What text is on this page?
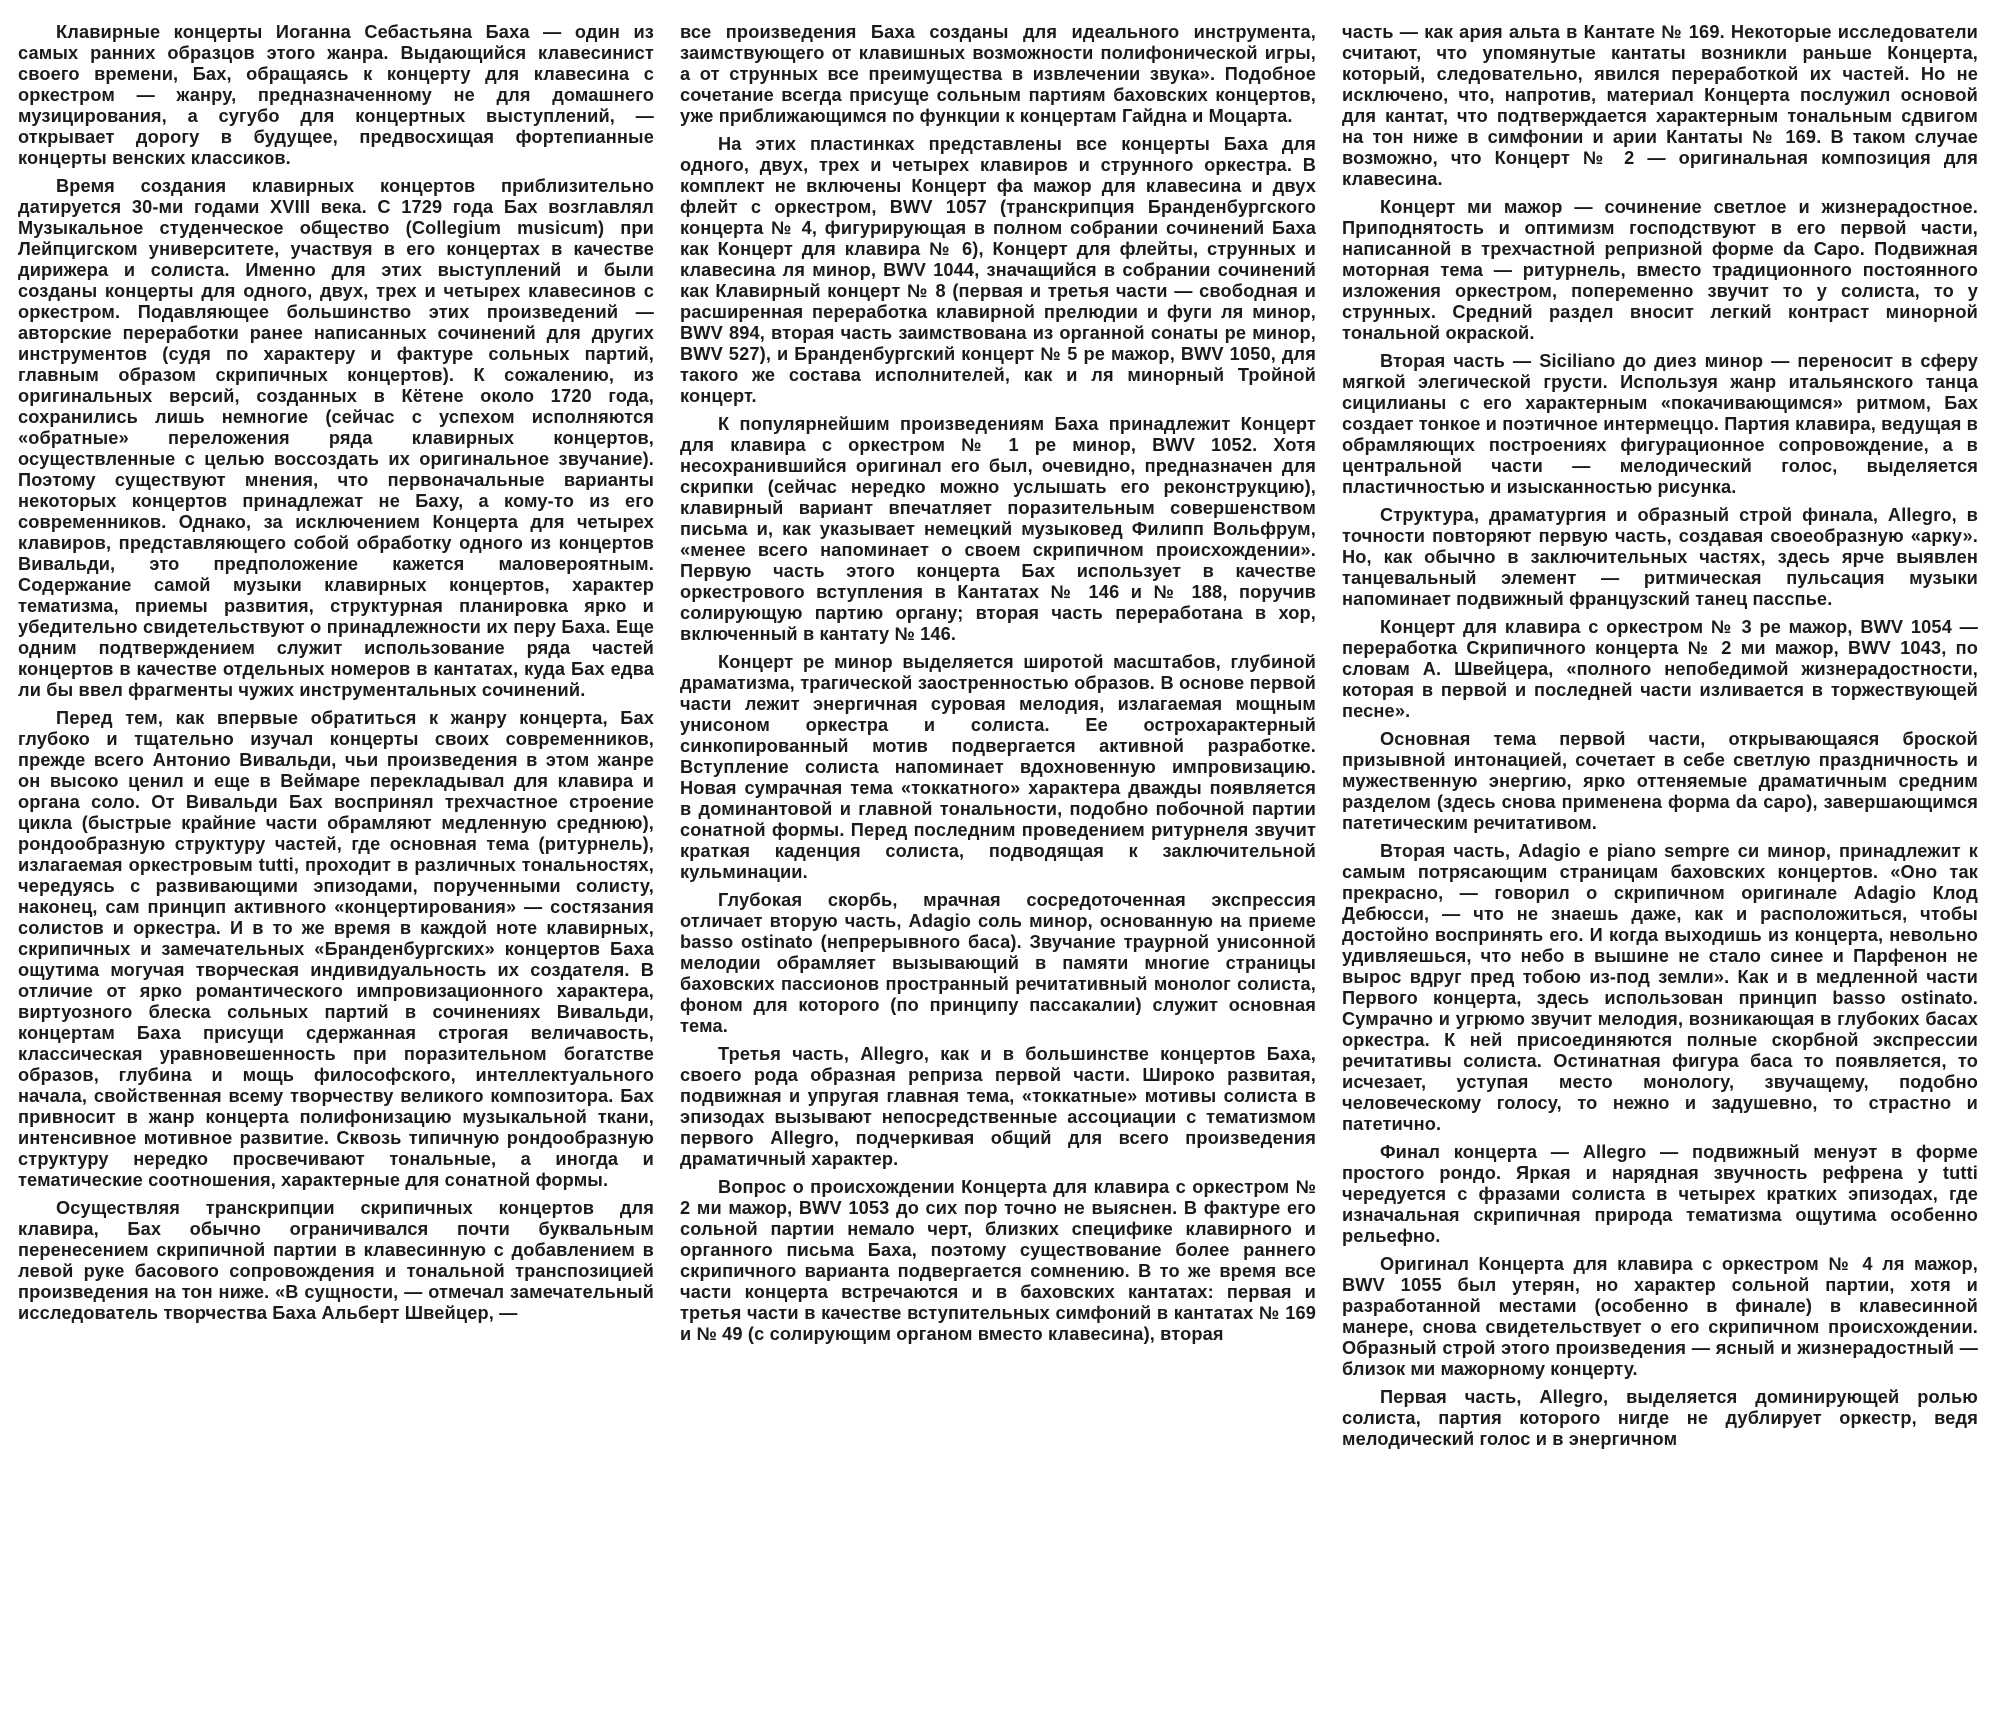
Клавирные концерты Иоганна Себастьяна Баха — один из самых ранних образцов этого жанра. Выдающийся клавесинист своего времени, Бах, обращаясь к концерту для клавесина с оркестром — жанру, предназначенному не для домашнего музицирования, а сугубо для концертных выступлений, — открывает дорогу в будущее, предвосхищая фортепианные концерты венских классиков.

Время создания клавирных концертов приблизительно датируется 30-ми годами XVIII века. С 1729 года Бах возглавлял Музыкальное студенческое общество (Collegium musicum) при Лейпцигском университете, участвуя в его концертах в качестве дирижера и солиста. Именно для этих выступлений и были созданы концерты для одного, двух, трех и четырех клавесинов с оркестром. Подавляющее большинство этих произведений — авторские переработки ранее написанных сочинений для других инструментов (судя по характеру и фактуре сольных партий, главным образом скрипичных концертов). К сожалению, из оригинальных версий, созданных в Кётене около 1720 года, сохранились лишь немногие (сейчас с успехом исполняются «обратные» переложения ряда клавирных концертов, осуществленные с целью воссоздать их оригинальное звучание). Поэтому существуют мнения, что первоначальные варианты некоторых концертов принадлежат не Баху, а кому-то из его современников. Однако, за исключением Концерта для четырех клавиров, представляющего собой обработку одного из концертов Вивальди, это предположение кажется маловероятным. Содержание самой музыки клавирных концертов, характер тематизма, приемы развития, структурная планировка ярко и убедительно свидетельствуют о принадлежности их перу Баха. Еще одним подтверждением служит использование ряда частей концертов в качестве отдельных номеров в кантатах, куда Бах едва ли бы ввел фрагменты чужих инструментальных сочинений.

Перед тем, как впервые обратиться к жанру концерта, Бах глубоко и тщательно изучал концерты своих современников, прежде всего Антонио Вивальди, чьи произведения в этом жанре он высоко ценил и еще в Веймаре перекладывал для клавира и органа соло. От Вивальди Бах воспринял трехчастное строение цикла (быстрые крайние части обрамляют медленную среднюю), рондообразную структуру частей, где основная тема (ритурнель), излагаемая оркестровым tutti, проходит в различных тональностях, чередуясь с развивающими эпизодами, порученными солисту, наконец, сам принцип активного «концертирования» — состязания солистов и оркестра. И в то же время в каждой ноте клавирных, скрипичных и замечательных «Бранденбургских» концертов Баха ощутима могучая творческая индивидуальность их создателя. В отличие от ярко романтического импровизационного характера, виртуозного блеска сольных партий в сочинениях Вивальди, концертам Баха присущи сдержанная строгая величавость, классическая уравновешенность при поразительном богатстве образов, глубина и мощь философского, интеллектуального начала, свойственная всему творчеству великого композитора. Бах привносит в жанр концерта полифонизацию музыкальной ткани, интенсивное мотивное развитие. Сквозь типичную рондообразную структуру нередко просвечивают тональные, а иногда и тематические соотношения, характерные для сонатной формы.

Осуществляя транскрипции скрипичных концертов для клавира, Бах обычно ограничивался почти буквальным перенесением скрипичной партии в клавесинную с добавлением в левой руке басового сопровождения и тональной транспозицией произведения на тон ниже. «В сущности, — отмечал замечательный исследователь творчества Баха Альберт Швейцер, —

все произведения Баха созданы для идеального инструмента, заимствующего от клавишных возможности полифонической игры, а от струнных все преимущества в извлечении звука». Подобное сочетание всегда присуще сольным партиям баховских концертов, уже приближающимся по функции к концертам Гайдна и Моцарта.

На этих пластинках представлены все концерты Баха для одного, двух, трех и четырех клавиров и струнного оркестра. В комплект не включены Концерт фа мажор для клавесина и двух флейт с оркестром, BWV 1057 (транскрипция Бранденбургского концерта № 4, фигурирующая в полном собрании сочинений Баха как Концерт для клавира № 6), Концерт для флейты, струнных и клавесина ля минор, BWV 1044, значащийся в собрании сочинений как Клавирный концерт № 8 (первая и третья части — свободная и расширенная переработка клавирной прелюдии и фуги ля минор, BWV 894, вторая часть заимствована из органной сонаты ре минор, BWV 527), и Бранденбургский концерт № 5 ре мажор, BWV 1050, для такого же состава исполнителей, как и ля минорный Тройной концерт.

К популярнейшим произведениям Баха принадлежит Концерт для клавира с оркестром № 1 ре минор, BWV 1052. Хотя несохранившийся оригинал его был, очевидно, предназначен для скрипки (сейчас нередко можно услышать его реконструкцию), клавирный вариант впечатляет поразительным совершенством письма и, как указывает немецкий музыковед Филипп Вольфрум, «менее всего напоминает о своем скрипичном происхождении». Первую часть этого концерта Бах использует в качестве оркестрового вступления в Кантатах № 146 и № 188, поручив солирующую партию органу; вторая часть переработана в хор, включенный в кантату № 146.

Концерт ре минор выделяется широтой масштабов, глубиной драматизма, трагической заостренностью образов. В основе первой части лежит энергичная суровая мелодия, излагаемая мощным унисоном оркестра и солиста. Ее острохарактерный синкопированный мотив подвергается активной разработке. Вступление солиста напоминает вдохновенную импровизацию. Новая сумрачная тема «токкатного» характера дважды появляется в доминантовой и главной тональности, подобно побочной партии сонатной формы. Перед последним проведением ритурнеля звучит краткая каденция солиста, подводящая к заключительной кульминации.

Глубокая скорбь, мрачная сосредоточенная экспрессия отличает вторую часть, Adagio соль минор, основанную на приеме basso ostinato (непрерывного баса). Звучание траурной унисонной мелодии обрамляет вызывающий в памяти многие страницы баховских пассионов пространный речитативный монолог солиста, фоном для которого (по принципу пассакалии) служит основная тема.

Третья часть, Allegro, как и в большинстве концертов Баха, своего рода образная реприза первой части. Широко развитая, подвижная и упругая главная тема, «токкатные» мотивы солиста в эпизодах вызывают непосредственные ассоциации с тематизмом первого Allegro, подчеркивая общий для всего произведения драматичный характер.

Вопрос о происхождении Концерта для клавира с оркестром № 2 ми мажор, BWV 1053 до сих пор точно не выяснен. В фактуре его сольной партии немало черт, близких специфике клавирного и органного письма Баха, поэтому существование более раннего скрипичного варианта подвергается сомнению. В то же время все части концерта встречаются и в баховских кантатах: первая и третья части в качестве вступительных симфоний в кантатах № 169 и № 49 (с солирующим органом вместо клавесина), вторая

часть — как ария альта в Кантате № 169. Некоторые исследователи считают, что упомянутые кантаты возникли раньше Концерта, который, следовательно, явился переработкой их частей. Но не исключено, что, напротив, материал Концерта послужил основой для кантат, что подтверждается характерным тональным сдвигом на тон ниже в симфонии и арии Кантаты № 169. В таком случае возможно, что Концерт № 2 — оригинальная композиция для клавесина.

Концерт ми мажор — сочинение светлое и жизнерадостное. Приподнятость и оптимизм господствуют в его первой части, написанной в трехчастной репризной форме da Capo. Подвижная моторная тема — ритурнель, вместо традиционного постоянного изложения оркестром, попеременно звучит то у солиста, то у струнных. Средний раздел вносит легкий контраст минорной тональной окраской.

Вторая часть — Siciliano до диез минор — переносит в сферу мягкой элегической грусти. Используя жанр итальянского танца сицилианы с его характерным «покачивающимся» ритмом, Бах создает тонкое и поэтичное интермеццо. Партия клавира, ведущая в обрамляющих построениях фигурационное сопровождение, а в центральной части — мелодический голос, выделяется пластичностью и изысканностью рисунка.

Структура, драматургия и образный строй финала, Allegro, в точности повторяют первую часть, создавая своеобразную «арку». Но, как обычно в заключительных частях, здесь ярче выявлен танцевальный элемент — ритмическая пульсация музыки напоминает подвижный французский танец пасспье.

Концерт для клавира с оркестром № 3 ре мажор, BWV 1054 — переработка Скрипичного концерта № 2 ми мажор, BWV 1043, по словам А. Швейцера, «полного непобедимой жизнерадостности, которая в первой и последней части изливается в торжествующей песне».

Основная тема первой части, открывающаяся броской призывной интонацией, сочетает в себе светлую праздничность и мужественную энергию, ярко оттеняемые драматичным средним разделом (здесь снова применена форма da capo), завершающимся патетическим речитативом.

Вторая часть, Adagio e piano sempre си минор, принадлежит к самым потрясающим страницам баховских концертов. «Оно так прекрасно, — говорил о скрипичном оригинале Adagio Клод Дебюсси, — что не знаешь даже, как и расположиться, чтобы достойно воспринять его. И когда выходишь из концерта, невольно удивляешься, что небо в вышине не стало синее и Парфенон не вырос вдруг пред тобою из-под земли». Как и в медленной части Первого концерта, здесь использован принцип basso ostinato. Сумрачно и угрюмо звучит мелодия, возникающая в глубоких басах оркестра. К ней присоединяются полные скорбной экспрессии речитативы солиста. Остинатная фигура баса то появляется, то исчезает, уступая место монологу, звучащему, подобно человеческому голосу, то нежно и задушевно, то страстно и патетично.

Финал концерта — Allegro — подвижный менуэт в форме простого рондо. Яркая и нарядная звучность рефрена у tutti чередуется с фразами солиста в четырех кратких эпизодах, где изначальная скрипичная природа тематизма ощутима особенно рельефно.

Оригинал Концерта для клавира с оркестром № 4 ля мажор, BWV 1055 был утерян, но характер сольной партии, хотя и разработанной местами (особенно в финале) в клавесинной манере, снова свидетельствует о его скрипичном происхождении. Образный строй этого произведения — ясный и жизнерадостный — близок ми мажорному концерту.

Первая часть, Allegro, выделяется доминирующей ролью солиста, партия которого нигде не дублирует оркестр, ведя мелодический голос и в энергичном
